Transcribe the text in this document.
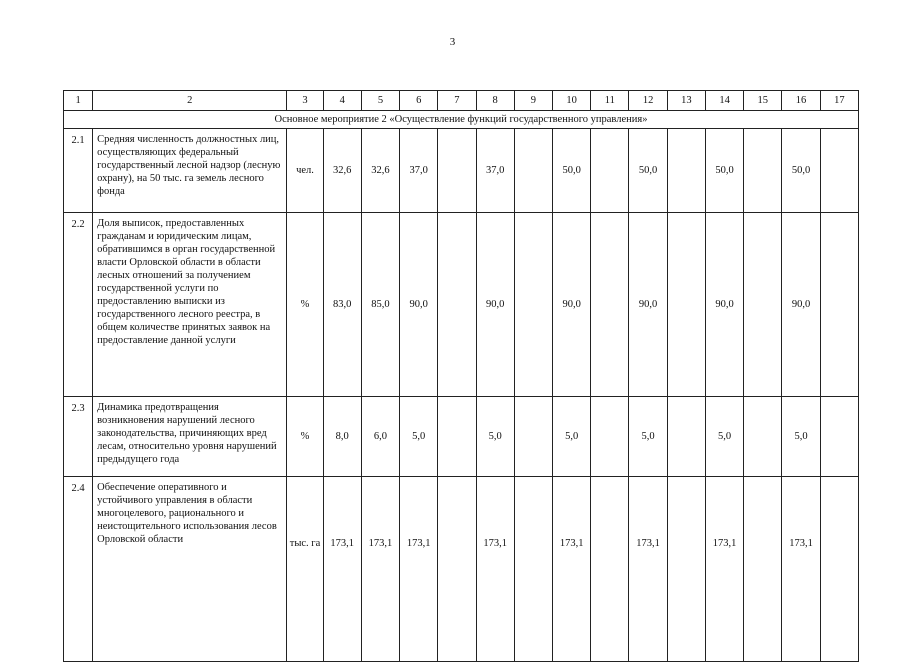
3
1	2	3	4	5	6	7	8	9	10	11	12	13	14	15	16	17
Основное мероприятие 2 «Осуществление функций государственного управления»																
2.1	Средняя численность должностных лиц, осуществляющих федеральный государственный лесной надзор (лесную охрану), на 50 тыс. га земель лесного фонда	чел.	32,6	32,6	37,0		37,0		50,0		50,0		50,0		50,0	
2.2	Доля выписок, предоставленных гражданам и юридическим лицам, обратившимся в орган государственной власти Орловской области в области лесных отношений за получением государственной услуги по предоставлению выписки из государственного лесного реестра, в общем количестве принятых заявок на предоставление данной услуги	%	83,0	85,0	90,0		90,0		90,0		90,0		90,0		90,0	
2.3	Динамика предотвращения возникновения нарушений лесного законодательства, причиняющих вред лесам, относительно уровня нарушений предыдущего года	%	8,0	6,0	5,0		5,0		5,0		5,0		5,0		5,0	
2.4	Обеспечение оперативного и устойчивого управления в области многоцелевого, рационального и неистощительного использования лесов Орловской области	тыс. га	173,1	173,1	173,1		173,1		173,1		173,1		173,1		173,1	
